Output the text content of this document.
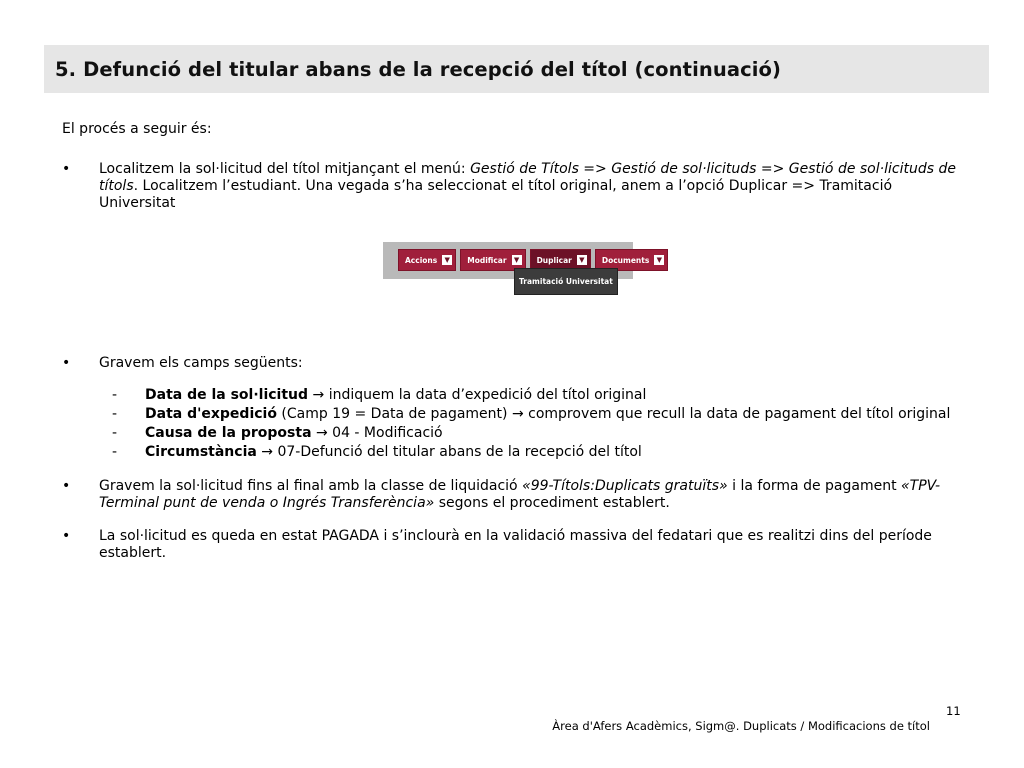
5. Defunció del titular abans de la recepció del títol (continuació)

El procés a seguir és:

• Localitzem la sol·licitud del títol mitjançant el menú: Gestió de Títols => Gestió de sol·licituds => Gestió de sol·licituds de títols. Localitzem l’estudiant. Una vegada s’ha seleccionat el títol original, anem a l’opció Duplicar => Tramitació Universitat

Accions	▼	Modificar	▼	Duplicar	▼	Documents	▼
Tramitació Universitat
• Gravem els camps següents:

- Data de la sol·licitud → indiquem la data d’expedició del títol original
- Data d'expedició (Camp 19 = Data de pagament) → comprovem que recull la data de pagament del títol original
- Causa de la proposta → 04 - Modificació
- Circumstància → 07-Defunció del titular abans de la recepció del títol
• Gravem la sol·licitud fins al final amb la classe de liquidació «99-Títols:Duplicats gratuïts» i la forma de pagament «TPV-Terminal punt de venda o Ingrés Transferència» segons el procediment establert.

• La sol·licitud es queda en estat PAGADA i s’inclourà en la validació massiva del fedatari que es realitzi dins del període establert.

11
Àrea d'Afers Acadèmics, Sigm@. Duplicats / Modificacions de títol
